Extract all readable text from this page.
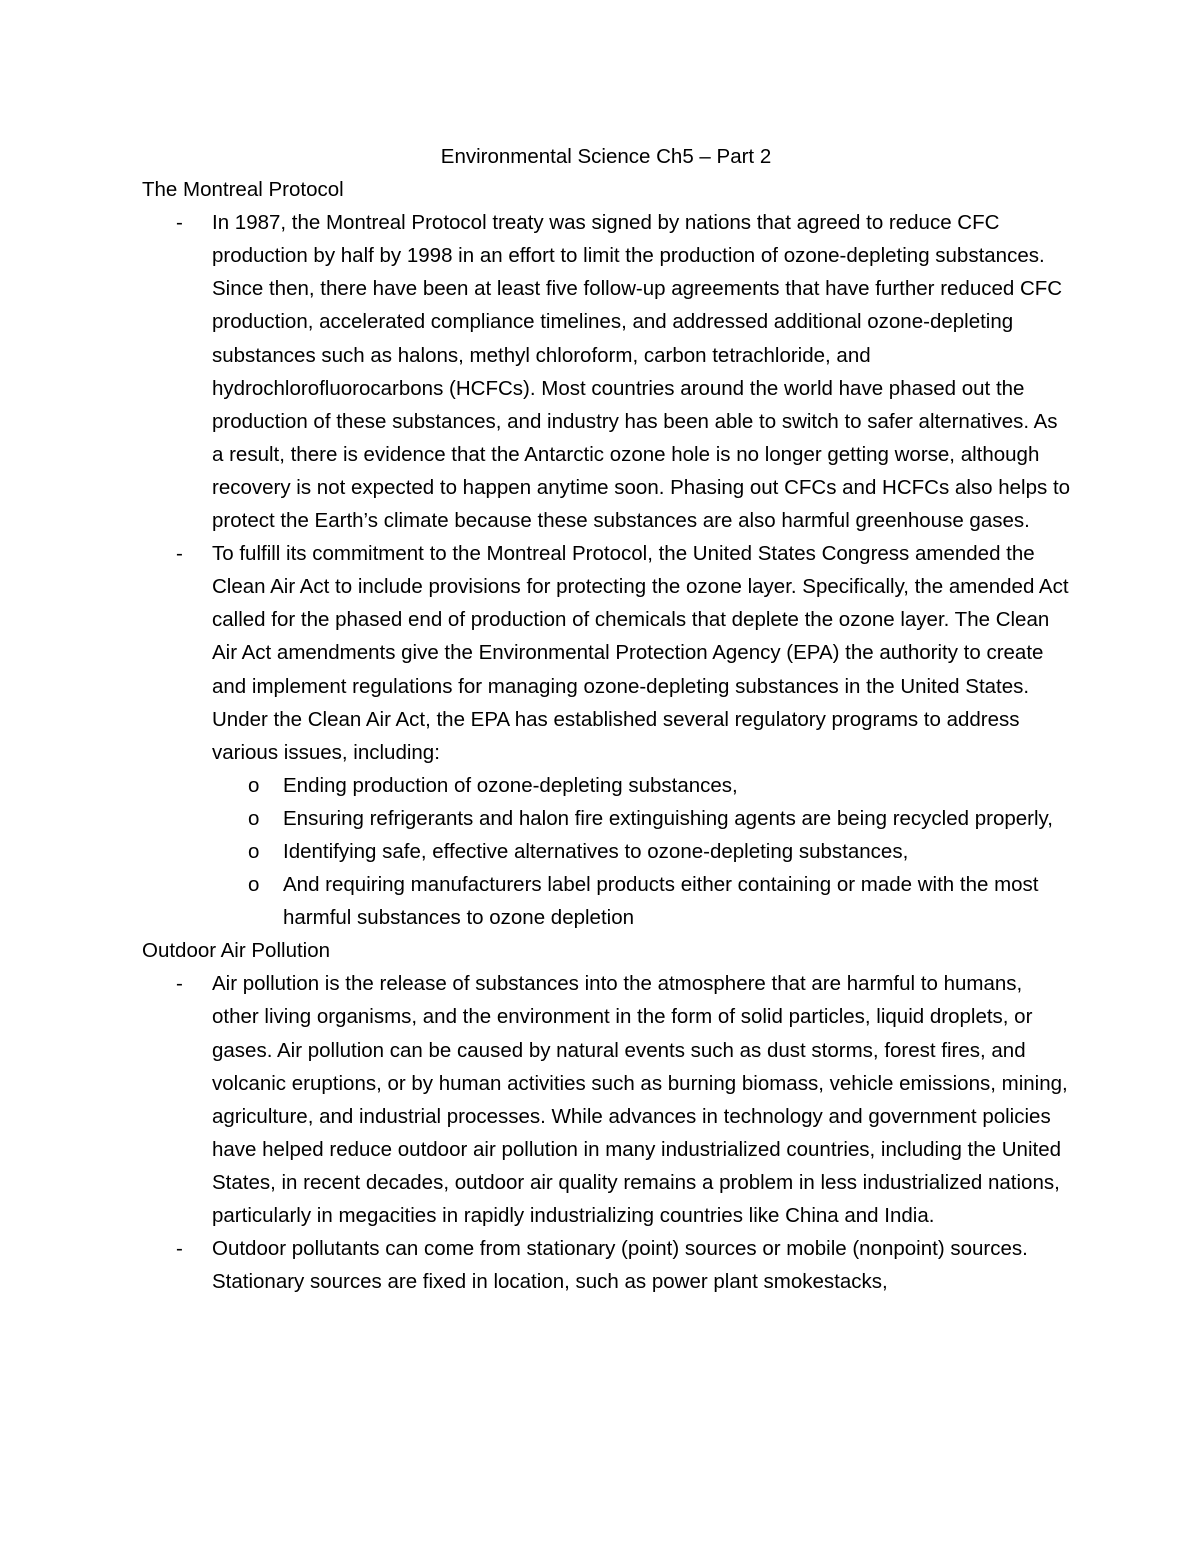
Environmental Science Ch5 – Part 2
The Montreal Protocol
- In 1987, the Montreal Protocol treaty was signed by nations that agreed to reduce CFC production by half by 1998 in an effort to limit the production of ozone-depleting substances. Since then, there have been at least five follow-up agreements that have further reduced CFC production, accelerated compliance timelines, and addressed additional ozone-depleting substances such as halons, methyl chloroform, carbon tetrachloride, and hydrochlorofluorocarbons (HCFCs). Most countries around the world have phased out the production of these substances, and industry has been able to switch to safer alternatives. As a result, there is evidence that the Antarctic ozone hole is no longer getting worse, although recovery is not expected to happen anytime soon. Phasing out CFCs and HCFCs also helps to protect the Earth’s climate because these substances are also harmful greenhouse gases.
- To fulfill its commitment to the Montreal Protocol, the United States Congress amended the Clean Air Act to include provisions for protecting the ozone layer. Specifically, the amended Act called for the phased end of production of chemicals that deplete the ozone layer. The Clean Air Act amendments give the Environmental Protection Agency (EPA) the authority to create and implement regulations for managing ozone-depleting substances in the United States. Under the Clean Air Act, the EPA has established several regulatory programs to address various issues, including:
o Ending production of ozone-depleting substances,
o Ensuring refrigerants and halon fire extinguishing agents are being recycled properly,
o Identifying safe, effective alternatives to ozone-depleting substances,
o And requiring manufacturers label products either containing or made with the most harmful substances to ozone depletion
Outdoor Air Pollution
- Air pollution is the release of substances into the atmosphere that are harmful to humans, other living organisms, and the environment in the form of solid particles, liquid droplets, or gases. Air pollution can be caused by natural events such as dust storms, forest fires, and volcanic eruptions, or by human activities such as burning biomass, vehicle emissions, mining, agriculture, and industrial processes. While advances in technology and government policies have helped reduce outdoor air pollution in many industrialized countries, including the United States, in recent decades, outdoor air quality remains a problem in less industrialized nations, particularly in megacities in rapidly industrializing countries like China and India.
- Outdoor pollutants can come from stationary (point) sources or mobile (nonpoint) sources. Stationary sources are fixed in location, such as power plant smokestacks,
